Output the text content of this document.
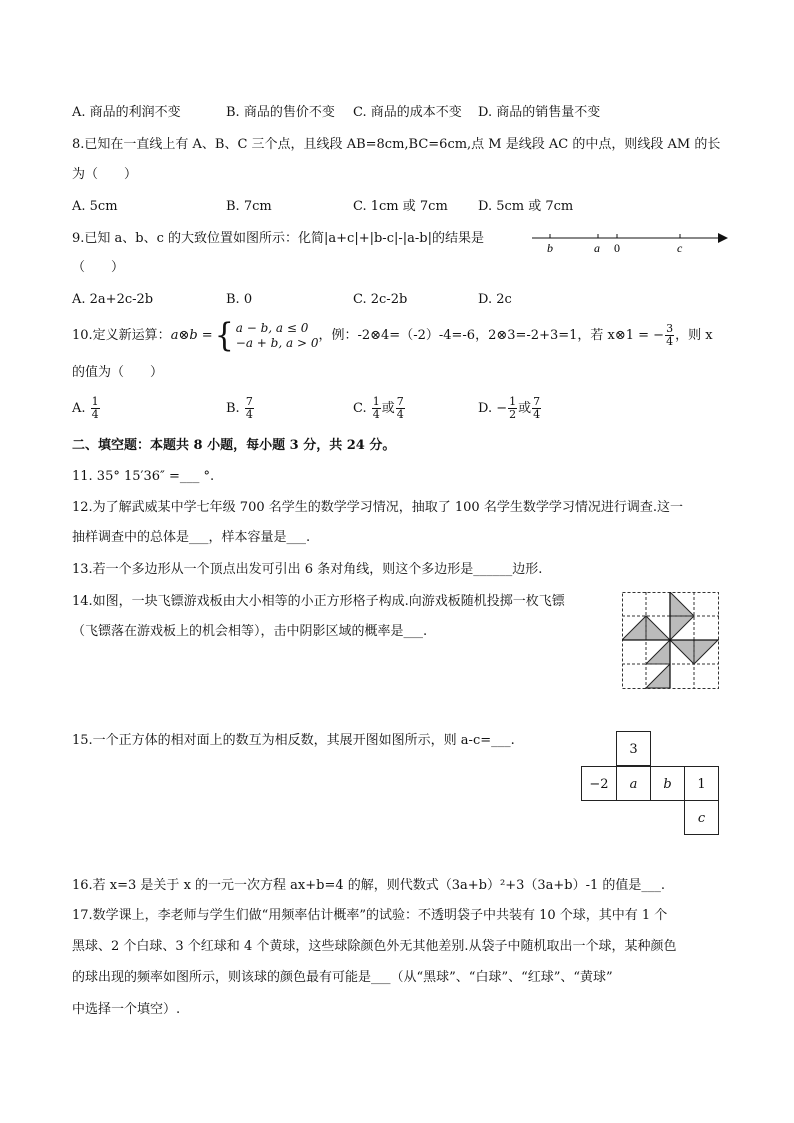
A. 商品的利润不变	B. 商品的售价不变 C. 商品的成本不变 D. 商品的销售量不变
8.已知在一直线上有 A、B、C 三个点，且线段 AB=8cm,BC=6cm,点 M 是线段 AC 的中点，则线段 AM 的长
为（　　）
A. 5cm	B. 7cm	C. 1cm 或 7cm D. 5cm 或 7cm
9.已知 a、b、c 的大致位置如图所示：化简|a+c|+|b-c|-|a-b|的结果是
（　　）
b	a 0	c
A. 2a+2c-2b	B. 0	C. 2c-2b	D. 2c
10.定义新运算：a⊗b ={ a − b, a ≤ 0
−a + b, a > 0 ，例：-2⊗4=（-2）-4=-6，2⊗3=-2+3=1，若 x⊗1 = − $\frac{3}{4}$ ，则 x
的值为（　　）
A. $\frac{1}{4}$	B. $\frac{7}{4}$	C. $\frac{1}{4}$ 或 $\frac{7}{4}$	D. − $\frac{1}{2}$ 或 $\frac{7}{4}$
二、填空题：本题共 8 小题，每小题 3 分，共 24 分。
11. 35° 15′36″ =___ °.
12.为了解武威某中学七年级 700 名学生的数学学习情况，抽取了 100 名学生数学学习情况进行调查.这一
抽样调查中的总体是___，样本容量是___.
13.若一个多边形从一个顶点出发可引出 6 条对角线，则这个多边形是______边形.
14.如图，一块飞镖游戏板由大小相等的小正方形格子构成.向游戏板随机投掷一枚飞镖
（飞镖落在游戏板上的机会相等），击中阴影区域的概率是___.
15.一个正方体的相对面上的数互为相反数，其展开图如图所示，则 a-c=___.
3
−2	a	b	1
c
16.若 x=3 是关于 x 的一元一次方程 ax+b=4 的解，则代数式（3a+b）²+3（3a+b）-1 的值是___.
17.数学课上，李老师与学生们做“用频率估计概率”的试验：不透明袋子中共装有 10 个球，其中有 1 个
黑球、2 个白球、3 个红球和 4 个黄球，这些球除颜色外无其他差别.从袋子中随机取出一个球，某种颜色
的球出现的频率如图所示，则该球的颜色最有可能是___（从“黑球”、“白球”、“红球”、“黄球”
中选择一个填空）.
